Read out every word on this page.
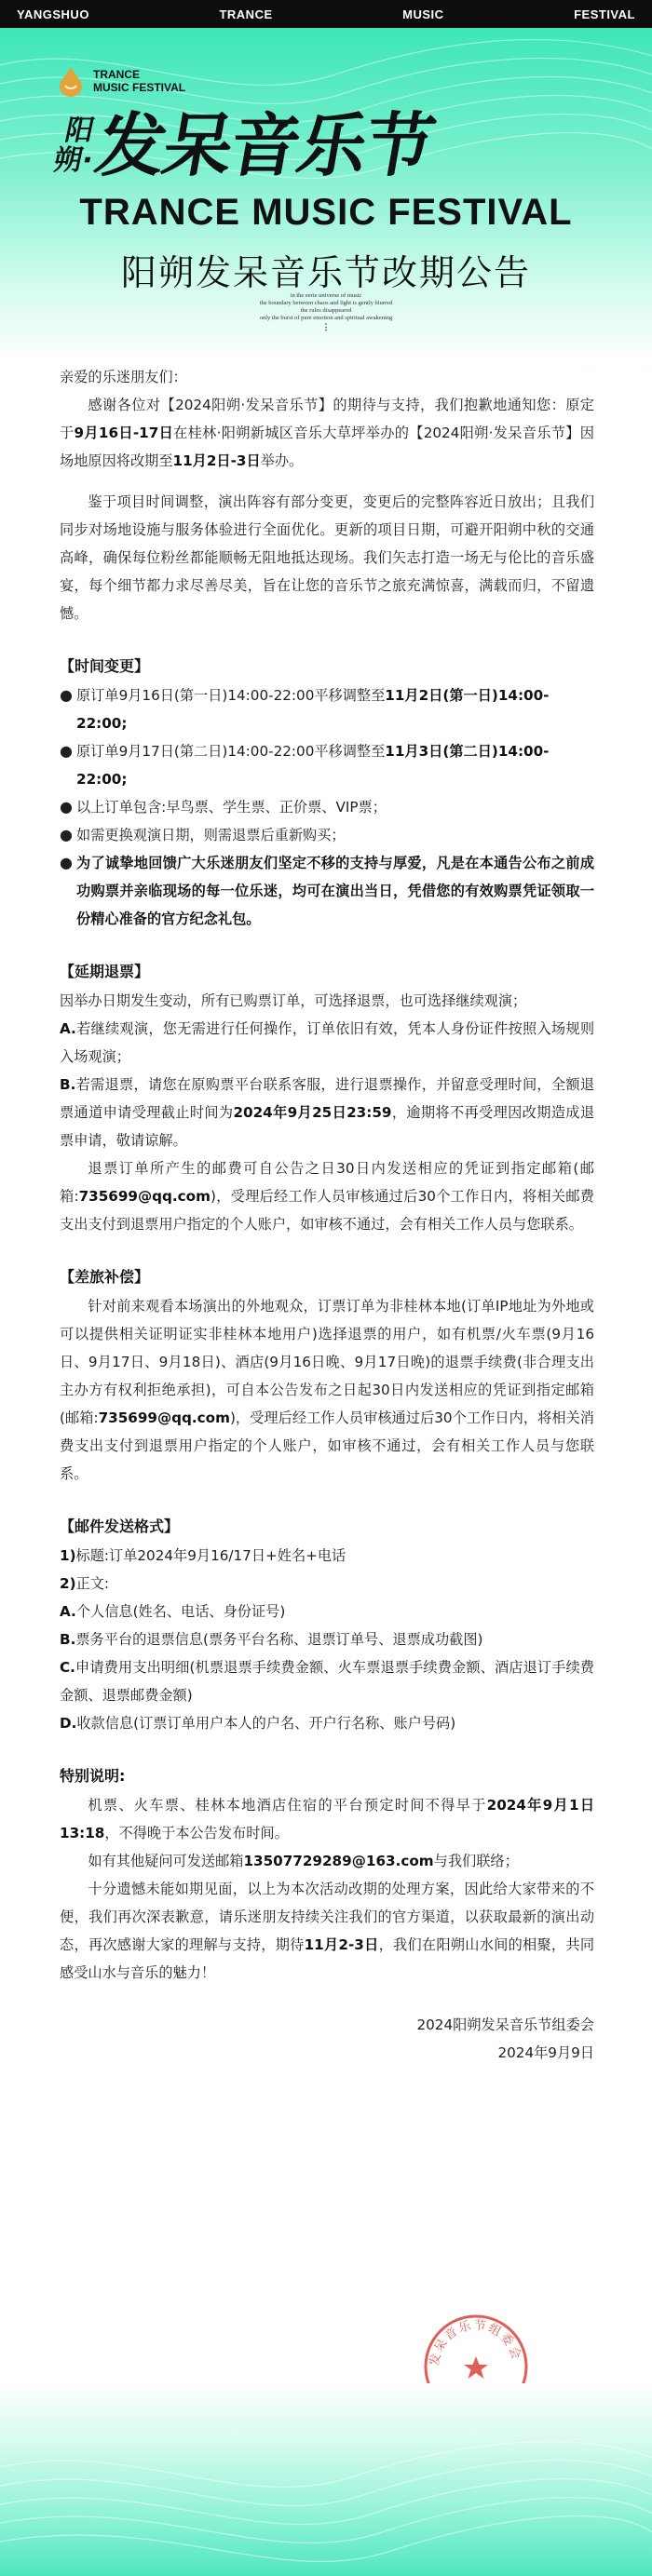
YANGSHUO	TRANCE	MUSIC	FESTIVAL
TRANCE
MUSIC FESTIVAL
阳朔·
发呆音乐节
TRANCE MUSIC FESTIVAL
阳朔发呆音乐节改期公告
in the eerie universe of music
the boundary between chaos and light is gently blurred
the rules disappeared
only the burst of pure emotion and spiritual awakening
⋮

亲爱的乐迷朋友们：

感谢各位对【2024阳朔·发呆音乐节】的期待与支持，我们抱歉地通知您：原定于9月16日-17日在桂林·阳朔新城区音乐大草坪举办的【2024阳朔·发呆音乐节】因场地原因将改期至11月2日-3日举办。

鉴于项目时间调整，演出阵容有部分变更，变更后的完整阵容近日放出；且我们同步对场地设施与服务体验进行全面优化。更新的项目日期，可避开阳朔中秋的交通高峰，确保每位粉丝都能顺畅无阻地抵达现场。我们矢志打造一场无与伦比的音乐盛宴，每个细节都力求尽善尽美，旨在让您的音乐节之旅充满惊喜，满载而归，不留遗憾。

【时间变更】

● 原订单9月16日(第一日)14:00-22:00平移调整至11月2日(第一日)14:00-22:00;
● 原订单9月17日(第二日)14:00-22:00平移调整至11月3日(第二日)14:00-22:00;
● 以上订单包含:早鸟票、学生票、正价票、VIP票；
● 如需更换观演日期，则需退票后重新购买；
● 为了诚挚地回馈广大乐迷朋友们坚定不移的支持与厚爱，凡是在本通告公布之前成功购票并亲临现场的每一位乐迷，均可在演出当日，凭借您的有效购票凭证领取一份精心准备的官方纪念礼包。

【延期退票】

因举办日期发生变动，所有已购票订单，可选择退票，也可选择继续观演；

A.若继续观演，您无需进行任何操作，订单依旧有效，凭本人身份证件按照入场规则入场观演；

B.若需退票，请您在原购票平台联系客服，进行退票操作，并留意受理时间，全额退票通道申请受理截止时间为2024年9月25日23:59，逾期将不再受理因改期造成退票申请，敬请谅解。

退票订单所产生的邮费可自公告之日30日内发送相应的凭证到指定邮箱(邮箱:735699@qq.com)，受理后经工作人员审核通过后30个工作日内，将相关邮费支出支付到退票用户指定的个人账户，如审核不通过，会有相关工作人员与您联系。

【差旅补偿】

针对前来观看本场演出的外地观众，订票订单为非桂林本地(订单IP地址为外地或可以提供相关证明证实非桂林本地用户)选择退票的用户，如有机票/火车票(9月16日、9月17日、9月18日)、酒店(9月16日晚、9月17日晚)的退票手续费(非合理支出主办方有权利拒绝承担)，可自本公告发布之日起30日内发送相应的凭证到指定邮箱(邮箱:735699@qq.com)，受理后经工作人员审核通过后30个工作日内，将相关消费支出支付到退票用户指定的个人账户，如审核不通过，会有相关工作人员与您联系。

【邮件发送格式】

1)标题:订单2024年9月16/17日+姓名+电话

2)正文:

A.个人信息(姓名、电话、身份证号)

B.票务平台的退票信息(票务平台名称、退票订单号、退票成功截图)

C.申请费用支出明细(机票退票手续费金额、火车票退票手续费金额、酒店退订手续费金额、退票邮费金额)

D.收款信息(订票订单用户本人的户名、开户行名称、账户号码)

特别说明:

机票、火车票、桂林本地酒店住宿的平台预定时间不得早于2024年9月1日13:18，不得晚于本公告发布时间。

如有其他疑问可发送邮箱13507729289@163.com与我们联络；

十分遗憾未能如期见面，以上为本次活动改期的处理方案，因此给大家带来的不便，我们再次深表歉意，请乐迷朋友持续关注我们的官方渠道，以获取最新的演出动态，再次感谢大家的理解与支持，期待11月2-3日，我们在阳朔山水间的相聚，共同感受山水与音乐的魅力！

2024阳朔发呆音乐节组委会

2024年9月9日

发呆音乐节组委会
